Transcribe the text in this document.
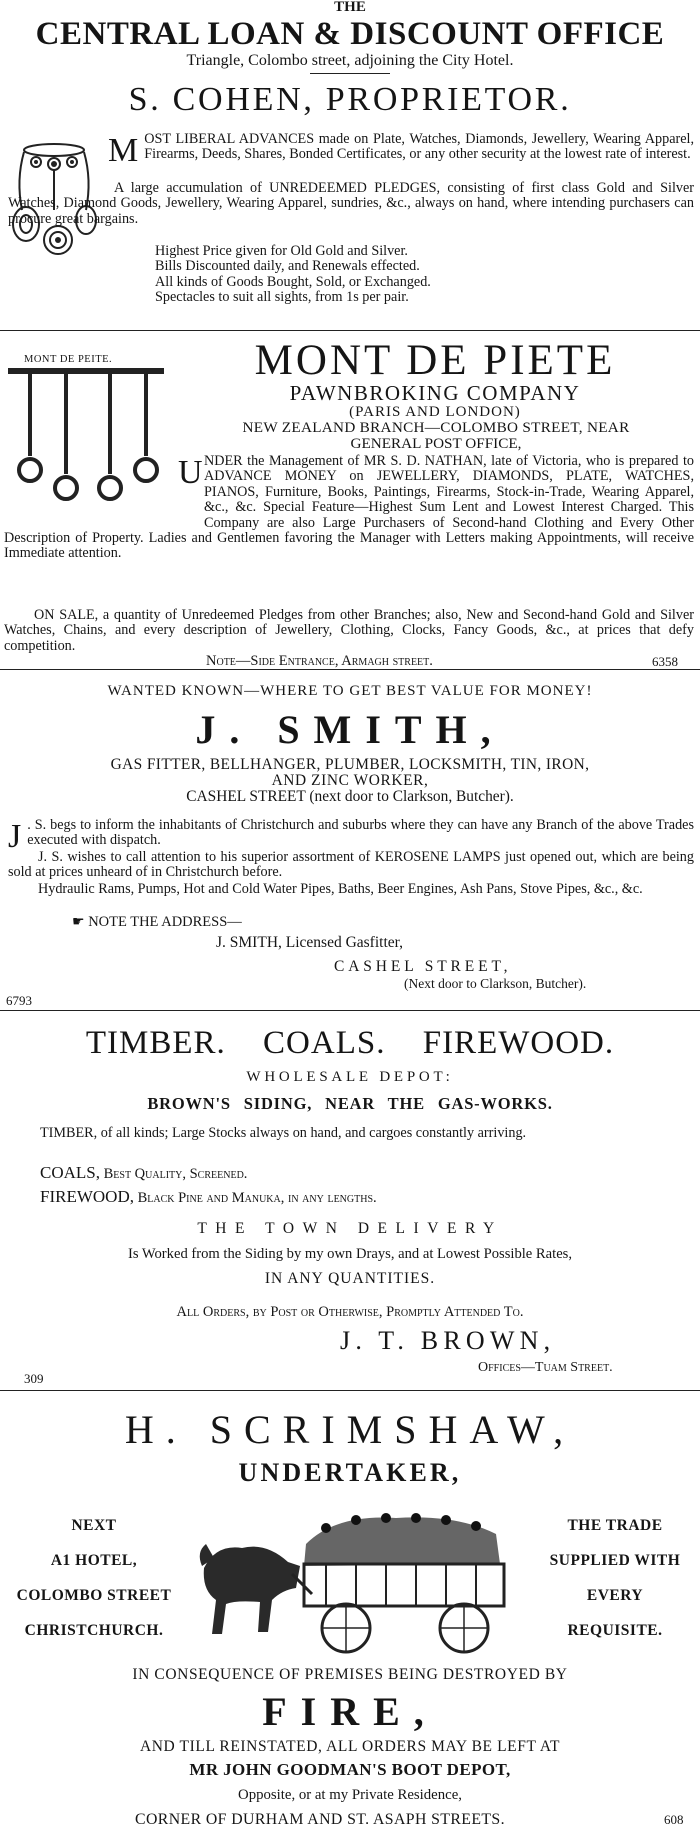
THE
CENTRAL LOAN & DISCOUNT OFFICE
Triangle, Colombo street, adjoining the City Hotel.
S. COHEN, PROPRIETOR.

MOST LIBERAL ADVANCES made on Plate, Watches, Diamonds, Jewellery, Wearing Apparel, Firearms, Deeds, Shares, Bonded Certificates, or any other security at the lowest rate of interest.

A large accumulation of UNREDEEMED PLEDGES, consisting of first class Gold and Silver Watches, Diamond Goods, Jewellery, Wearing Apparel, sundries, &c., always on hand, where intending purchasers can procure great bargains.

Highest Price given for Old Gold and Silver.

Bills Discounted daily, and Renewals effected.

All kinds of Goods Bought, Sold, or Exchanged.

Spectacles to suit all sights, from 1s per pair.

MONT DE PEITE.	MONT DE PIETE
PAWNBROKING COMPANY
(PARIS AND LONDON)
NEW ZEALAND BRANCH—COLOMBO STREET, NEAR
GENERAL POST OFFICE,
U NDER the Management of MR S. D. NATHAN, late of Victoria, who is prepared to ADVANCE MONEY on JEWELLERY, DIAMONDS, PLATE, WATCHES, PIANOS, Furniture, Books, Paintings, Firearms, Stock-in-Trade, Wearing Apparel, &c., &c. Special Feature—Highest Sum Lent and Lowest Interest Charged. This Company are also Large Purchasers of Second-hand Clothing and Every Other Description of Property. Ladies and Gentlemen favoring the Manager with Letters making Appointments, will receive Immediate attention.

ON SALE, a quantity of Unredeemed Pledges from other Branches; also, New and Second-hand Gold and Silver Watches, Chains, and every description of Jewellery, Clothing, Clocks, Fancy Goods, &c., at prices that defy competition.
Note—Side Entrance, Armagh street.	6358
WANTED KNOWN—WHERE TO GET BEST VALUE FOR MONEY!
J. SMITH,
GAS FITTER, BELLHANGER, PLUMBER, LOCKSMITH, TIN, IRON,
AND ZINC WORKER,
CASHEL STREET (next door to Clarkson, Butcher).

J . S. begs to inform the inhabitants of Christchurch and suburbs where they can have any Branch of the above Trades executed with dispatch.

J. S. wishes to call attention to his superior assortment of KEROSENE LAMPS just opened out, which are being sold at prices unheard of in Christchurch before.
Hydraulic Rams, Pumps, Hot and Cold Water Pipes, Baths, Beer Engines, Ash Pans, Stove Pipes, &c., &c.
☛ NOTE THE ADDRESS—
J. SMITH, Licensed Gasfitter,
CASHEL STREET,
(Next door to Clarkson, Butcher).
6793
TIMBER. COALS. FIREWOOD.
WHOLESALE DEPOT:
BROWN'S SIDING, NEAR THE GAS-WORKS.
TIMBER, of all kinds; Large Stocks always on hand, and cargoes constantly arriving.
COALS, Best Quality, Screened.
FIREWOOD, Black Pine and Manuka, in any lengths.
THE TOWN DELIVERY
Is Worked from the Siding by my own Drays, and at Lowest Possible Rates,
IN ANY QUANTITIES.
All Orders, by Post or Otherwise, Promptly Attended To.
J. T. BROWN,
Offices—Tuam Street.
309
H. SCRIMSHAW,
UNDERTAKER,
NEXT
A1 HOTEL,
COLOMBO STREET
CHRISTCHURCH.
THE TRADE
SUPPLIED WITH
EVERY
REQUISITE.
IN CONSEQUENCE OF PREMISES BEING DESTROYED BY
FIRE,
AND TILL REINSTATED, ALL ORDERS MAY BE LEFT AT
MR JOHN GOODMAN'S BOOT DEPOT,
Opposite, or at my Private Residence,
CORNER OF DURHAM AND ST. ASAPH STREETS.	608
